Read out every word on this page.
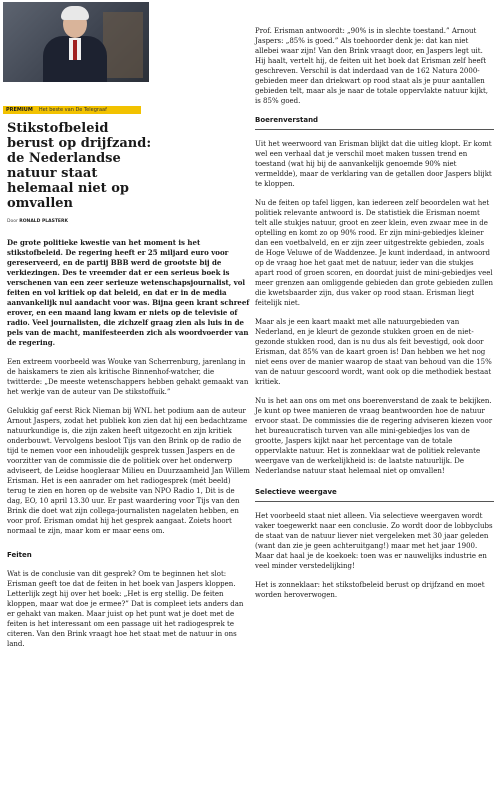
PREMIUM	Het beste van De Telegraaf
Stikstofbeleid berust op drijfzand: de Nederlandse natuur staat helemaal niet op omvallen
Door RONALD PLASTERK
De grote politieke kwestie van het moment is het stikstofbeleid. De regering heeft er 25 miljard euro voor gereserveerd, en de partij BBB werd de grootste bij de verkiezingen. Des te vreemder dat er een serieus boek is verschenen van een zeer serieuze wetenschapsjournalist, vol feiten en vol kritiek op dat beleid, en dat er in de media aanvankelijk nul aandacht voor was. Bijna geen krant schreef erover, en een maand lang kwam er niets op de televisie of radio. Veel journalisten, die zichzelf graag zien als luis in de pels van de macht, manifesteerden zich als woordvoerder van de regering.
Een extreem voorbeeld was Wouke van Scherrenburg, jarenlang in de haiskamers te zien als kritische Binnenhof-watcher, die twitterde: „De meeste wetenschappers hebben gehakt gemaakt van het werkje van de auteur van De stikstoffuik.”
Gelukkig gaf eerst Rick Nieman bij WNL het podium aan de auteur Arnout Jaspers, zodat het publiek kon zien dat hij een bedachtzame natuurkundige is, die zijn zaken heeft uitgezocht en zijn kritiek onderbouwt. Vervolgens besloot Tijs van den Brink op de radio de tijd te nemen voor een inhoudelijk gesprek tussen Jaspers en de voorzitter van de commissie die de politiek over het onderwerp adviseert, de Leidse hoogleraar Milieu en Duurzaamheid Jan Willem Erisman. Het is een aanrader om het radiogesprek (mét beeld) terug te zien en horen op de website van NPO Radio 1, Dit is de dag, EO, 10 april 13.30 uur. Er past waardering voor Tijs van den Brink die doet wat zijn collega-journalisten nagelaten hebben, en voor prof. Erisman omdat hij het gesprek aangaat. Zoiets hoort normaal te zijn, maar kom er maar eens om.
Feiten
Wat is de conclusie van dit gesprek? Om te beginnen het slot: Erisman geeft toe dat de feiten in het boek van Jaspers kloppen. Letterlijk zegt hij over het boek: „Het is erg stellig. De feiten kloppen, maar wat doe je ermee?” Dat is compleet iets anders dan er gehakt van maken. Maar juist op het punt wat je doet met de feiten is het interessant om een passage uit het radiogesprek te citeren. Van den Brink vraagt hoe het staat met de natuur in ons land.
Prof. Erisman antwoordt: „90% is in slechte toestand.” Arnout Jaspers: „85% is goed.” Als toehoorder denk je: dat kan niet allebei waar zijn! Van den Brink vraagt door, en Jaspers legt uit. Hij haalt, vertelt hij, de feiten uit het boek dat Erisman zelf heeft geschreven. Verschil is dat inderdaad van de 162 Natura 2000-gebieden meer dan driekwart op rood staat als je puur aantallen gebieden telt, maar als je naar de totale oppervlakte natuur kijkt, is 85% goed.
Boerenverstand
Uit het weerwoord van Erisman blijkt dat die uitleg klopt. Er komt wel een verhaal dat je verschil moet maken tussen trend en toestand (wat hij bij de aanvankelijk genoemde 90% niet vermeldde), maar de verklaring van de getallen door Jaspers blijkt te kloppen.
Nu de feiten op tafel liggen, kan iedereen zelf beoordelen wat het politiek relevante antwoord is. De statistiek die Erisman noemt telt alle stukjes natuur, groot en zeer klein, even zwaar mee in de optelling en komt zo op 90% rood. Er zijn mini-gebiedjes kleiner dan een voetbalveld, en er zijn zeer uitgestrekte gebieden, zoals de Hoge Veluwe of de Waddenzee. Je kunt inderdaad, in antwoord op de vraag hoe het gaat met de natuur, ieder van die stukjes apart rood of groen scoren, en doordat juist de mini-gebiedjes veel meer grenzen aan omliggende gebieden dan grote gebieden zullen die kwetsbaarder zijn, dus vaker op rood staan. Erisman liegt feitelijk niet.
Maar als je een kaart maakt met alle natuurgebieden van Nederland, en je kleurt de gezonde stukken groen en de niet-gezonde stukken rood, dan is nu dus als feit bevestigd, ook door Erisman, dat 85% van de kaart groen is! Dan hebben we het nog niet eens over de manier waarop de staat van behoud van die 15% van de natuur gescoord wordt, want ook op die methodiek bestaat kritiek.
Nu is het aan ons om met ons boerenverstand de zaak te bekijken. Je kunt op twee manieren de vraag beantwoorden hoe de natuur ervoor staat. De commissies die de regering adviseren kiezen voor het bureaucratisch turven van alle mini-gebiedjes los van de grootte, Jaspers kijkt naar het percentage van de totale oppervlakte natuur. Het is zonneklaar wat de politiek relevante weergave van de werkelijkheid is: de laatste natuurlijk. De Nederlandse natuur staat helemaal niet op omvallen!
Selectieve weergave
Het voorbeeld staat niet alleen. Via selectieve weergaven wordt vaker toegewerkt naar een conclusie. Zo wordt door de lobbyclubs de staat van de natuur liever niet vergeleken met 30 jaar geleden (want dan zie je geen achteruitgang!) maar met het jaar 1900. Maar dat haal je de koekoek: toen was er nauwelijks industrie en veel minder verstedelijking!
Het is zonneklaar: het stikstofbeleid berust op drijfzand en moet worden heroverwogen.
